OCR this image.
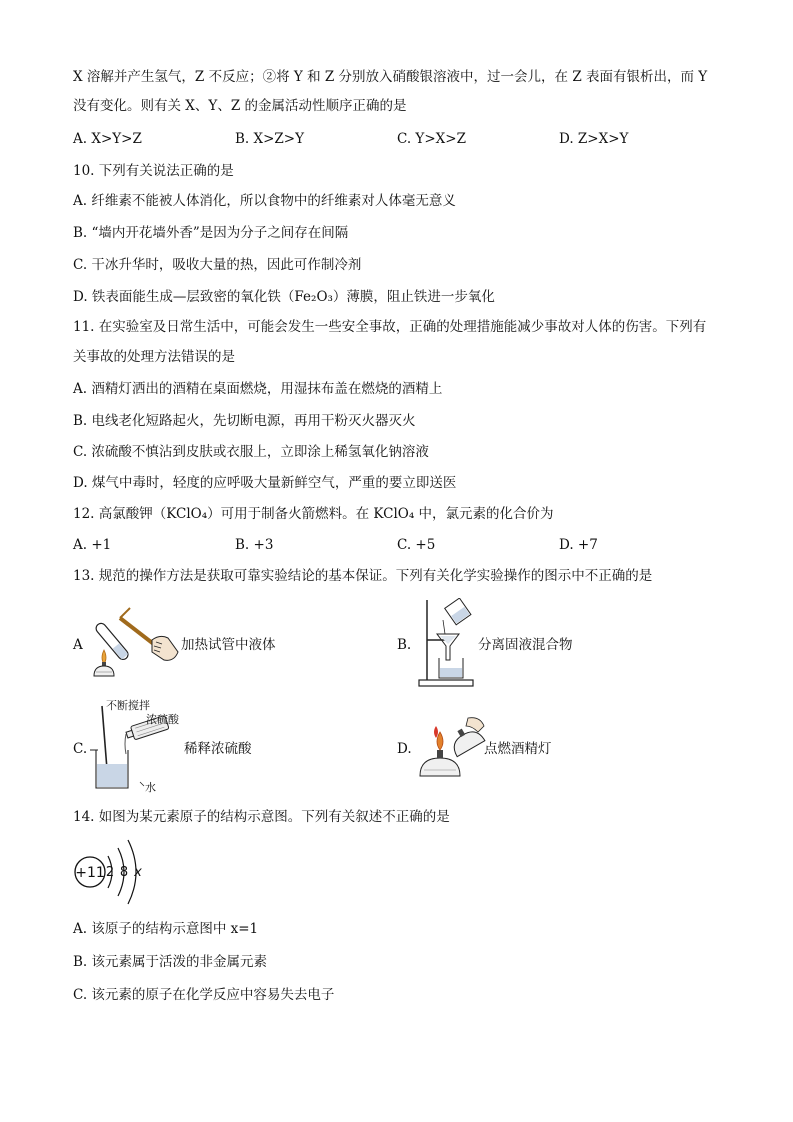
X 溶解并产生氢气，Z 不反应；②将 Y 和 Z 分别放入硝酸银溶液中，过一会儿，在 Z 表面有银析出，而 Y
没有变化。则有关 X、Y、Z 的金属活动性顺序正确的是
A. X>Y>Z	B. X>Z>Y	C. Y>X>Z	D. Z>X>Y
10. 下列有关说法正确的是
A. 纤维素不能被人体消化，所以食物中的纤维素对人体毫无意义
B. “墙内开花墙外香”是因为分子之间存在间隔
C. 干冰升华时，吸收大量的热，因此可作制冷剂
D. 铁表面能生成—层致密的氧化铁（Fe₂O₃）薄膜，阻止铁进一步氧化
11. 在实验室及日常生活中，可能会发生一些安全事故，正确的处理措施能减少事故对人体的伤害。下列有
关事故的处理方法错误的是
A. 酒精灯洒出的酒精在桌面燃烧，用湿抹布盖在燃烧的酒精上
B. 电线老化短路起火，先切断电源，再用干粉灭火器灭火
C. 浓硫酸不慎沾到皮肤或衣服上，立即涂上稀氢氧化钠溶液
D. 煤气中毒时，轻度的应呼吸大量新鲜空气，严重的要立即送医
12. 高氯酸钾（KClO₄）可用于制备火箭燃料。在 KClO₄ 中，氯元素的化合价为
A. +1	B. +3	C. +5	D. +7
13. 规范的操作方法是获取可靠实验结论的基本保证。下列有关化学实验操作的图示中不正确的是
A	加热试管中液体	B.	分离固液混合物
C.
不断搅拌
浓硫酸
水
稀释浓硫酸	D.	点燃酒精灯
14. 如图为某元素原子的结构示意图。下列有关叙述不正确的是
+11 2 8 x
A. 该原子的结构示意图中 x=1
B. 该元素属于活泼的非金属元素
C. 该元素的原子在化学反应中容易失去电子
